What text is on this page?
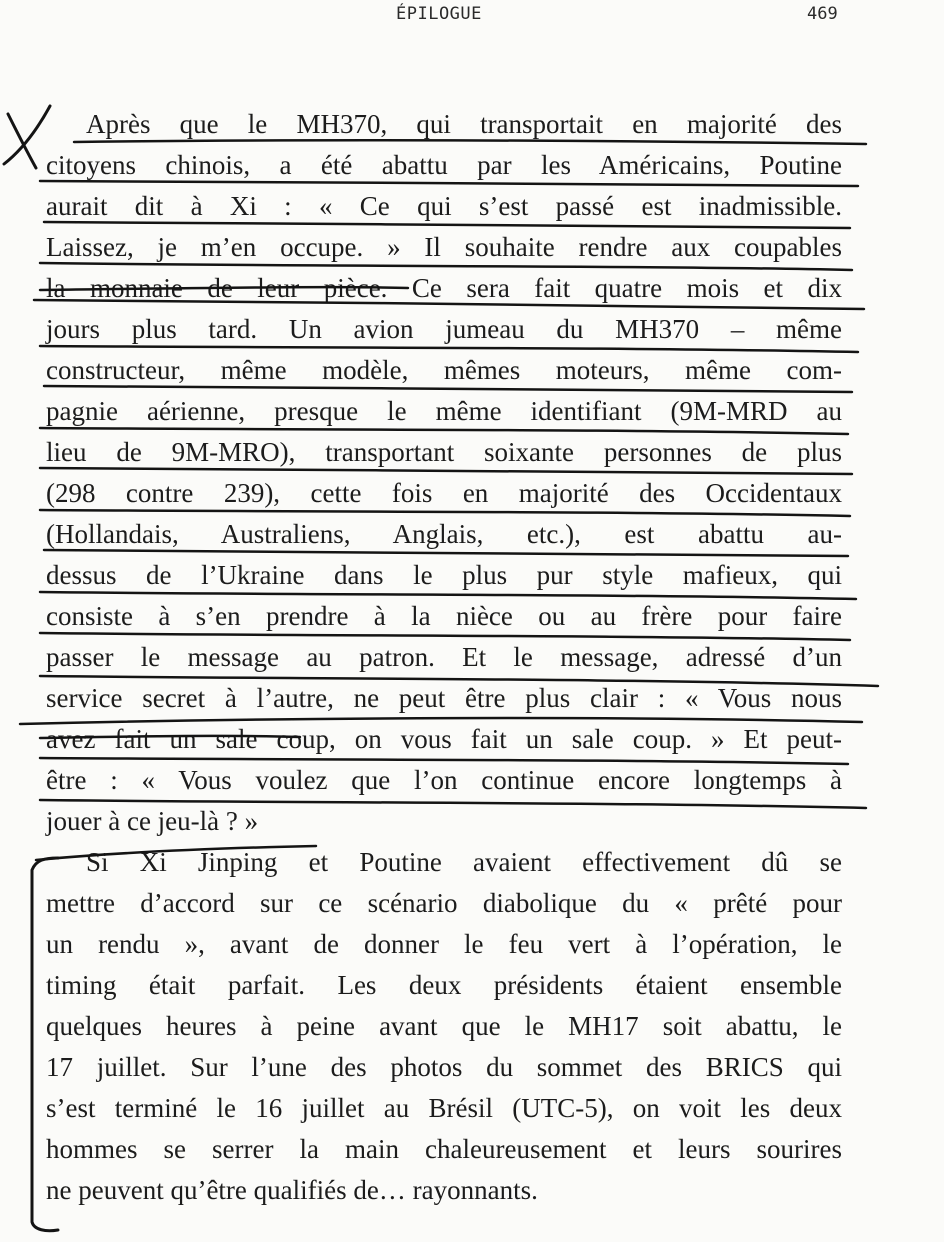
ÉPILOGUE	469
Après que le MH370, qui transportait en majorité des
citoyens chinois, a été abattu par les Américains, Poutine
aurait dit à Xi : « Ce qui s’est passé est inadmissible.
Laissez, je m’en occupe. » Il souhaite rendre aux coupables
la monnaie de leur pièce. Ce sera fait quatre mois et dix
jours plus tard. Un avion jumeau du MH370 – même
constructeur, même modèle, mêmes moteurs, même com-
pagnie aérienne, presque le même identifiant (9M-MRD au
lieu de 9M-MRO), transportant soixante personnes de plus
(298 contre 239), cette fois en majorité des Occidentaux
(Hollandais, Australiens, Anglais, etc.), est abattu au-
dessus de l’Ukraine dans le plus pur style mafieux, qui
consiste à s’en prendre à la nièce ou au frère pour faire
passer le message au patron. Et le message, adressé d’un
service secret à l’autre, ne peut être plus clair : « Vous nous
avez fait un sale coup, on vous fait un sale coup. » Et peut-
être : « Vous voulez que l’on continue encore longtemps à
jouer à ce jeu-là ? »
Si Xi Jinping et Poutine avaient effectivement dû se
mettre d’accord sur ce scénario diabolique du « prêté pour
un rendu », avant de donner le feu vert à l’opération, le
timing était parfait. Les deux présidents étaient ensemble
quelques heures à peine avant que le MH17 soit abattu, le
17 juillet. Sur l’une des photos du sommet des BRICS qui
s’est terminé le 16 juillet au Brésil (UTC-5), on voit les deux
hommes se serrer la main chaleureusement et leurs sourires
ne peuvent qu’être qualifiés de… rayonnants.
